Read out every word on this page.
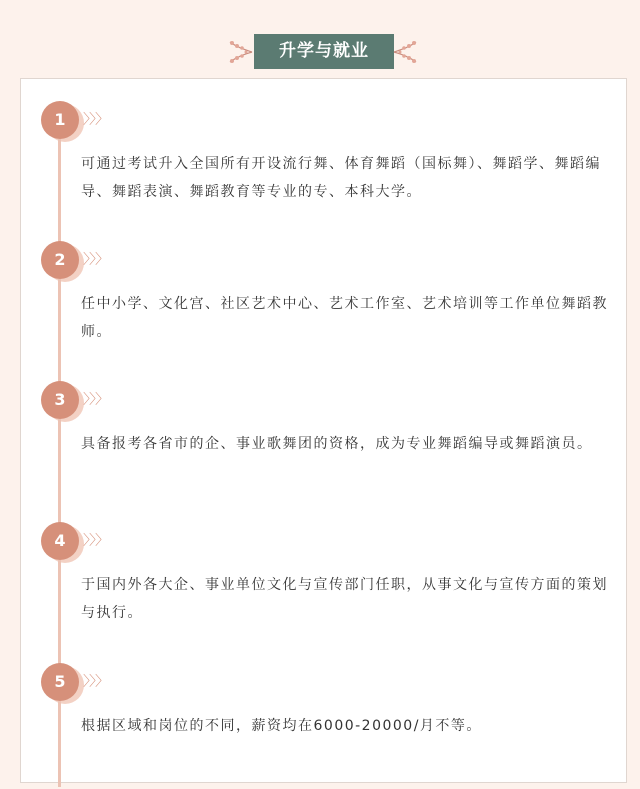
升学与就业
1	〉〉〉
可通过考试升入全国所有开设流行舞、体育舞蹈（国标舞）、舞蹈学、舞蹈编导、舞蹈表演、舞蹈教育等专业的专、本科大学。
2	〉〉〉
任中小学、文化宫、社区艺术中心、艺术工作室、艺术培训等工作单位舞蹈教师。
3	〉〉〉
具备报考各省市的企、事业歌舞团的资格，成为专业舞蹈编导或舞蹈演员。
4	〉〉〉
于国内外各大企、事业单位文化与宣传部门任职，从事文化与宣传方面的策划与执行。
5	〉〉〉
根据区域和岗位的不同，薪资均在6000-20000/月不等。
